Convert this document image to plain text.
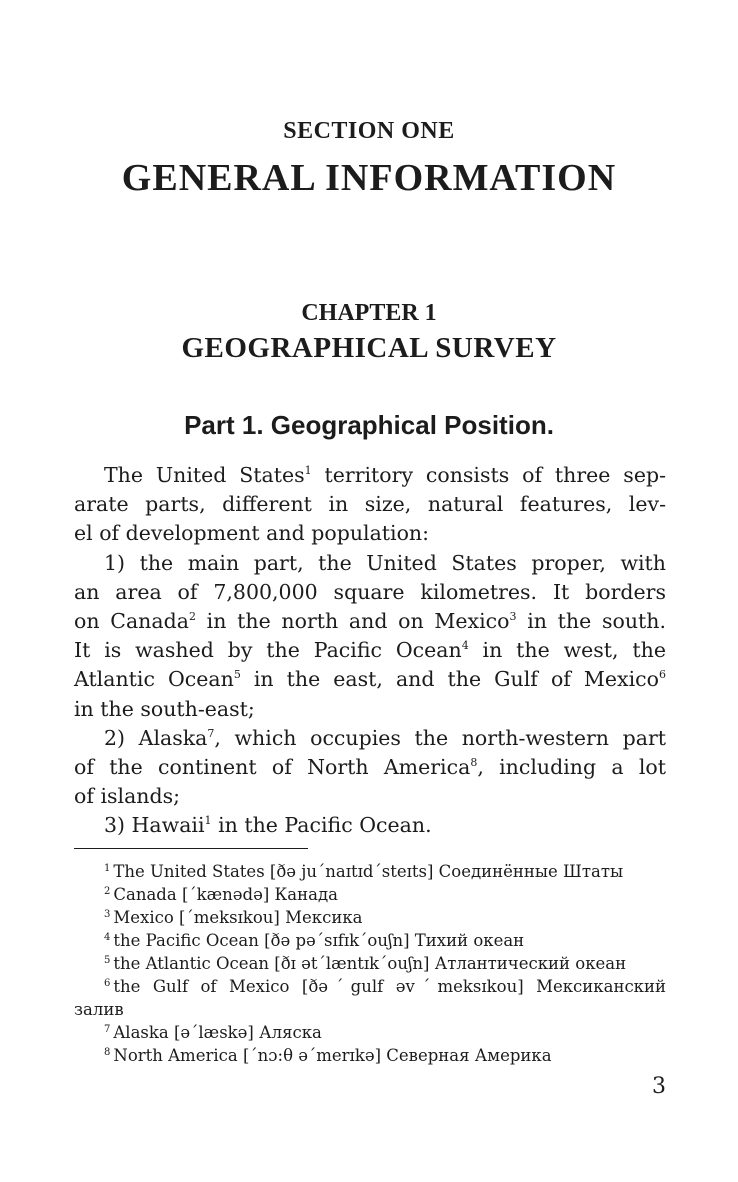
SECTION ONE
GENERAL INFORMATION
CHAPTER 1
GEOGRAPHICAL SURVEY
Part 1. Geographical Position.
The United States$^1$ territory consists of three sep-
arate parts, different in size, natural features, lev-
el of development and population:
1) the main part, the United States proper, with
an area of 7,800,000 square kilometres. It borders
on Canada$^2$ in the north and on Mexico$^3$ in the south.
It is washed by the Pacific Ocean$^4$ in the west, the
Atlantic Ocean$^5$ in the east, and the Gulf of Mexico$^6$
in the south-east;
2) Alaska$^7$, which occupies the north-western part
of the continent of North America$^8$, including a lot
of islands;
3) Hawaii$^1$ in the Pacific Ocean.
$^1$ The United States [ðə juˊnaɪtɪdˊsteɪts] Соединённые Штаты
$^2$ Canada [ˊkænədə] Канада
$^3$ Mexico [ˊmeksɪkou] Мексика
$^4$ the Pacific Ocean [ðə pəˊsɪfɪkˊouʃn] Тихий океан
$^5$ the Atlantic Ocean [ðɪ ətˊlæntɪkˊouʃn] Атлантический океан
$^6$ the Gulf of Mexico [ðəˊgulf əvˊmeksɪkou] Мексиканский
залив
$^7$ Alaska [əˊlæskə] Аляска
$^8$ North America [ˊnɔ:θ əˊmerɪkə] Северная Америка
3
